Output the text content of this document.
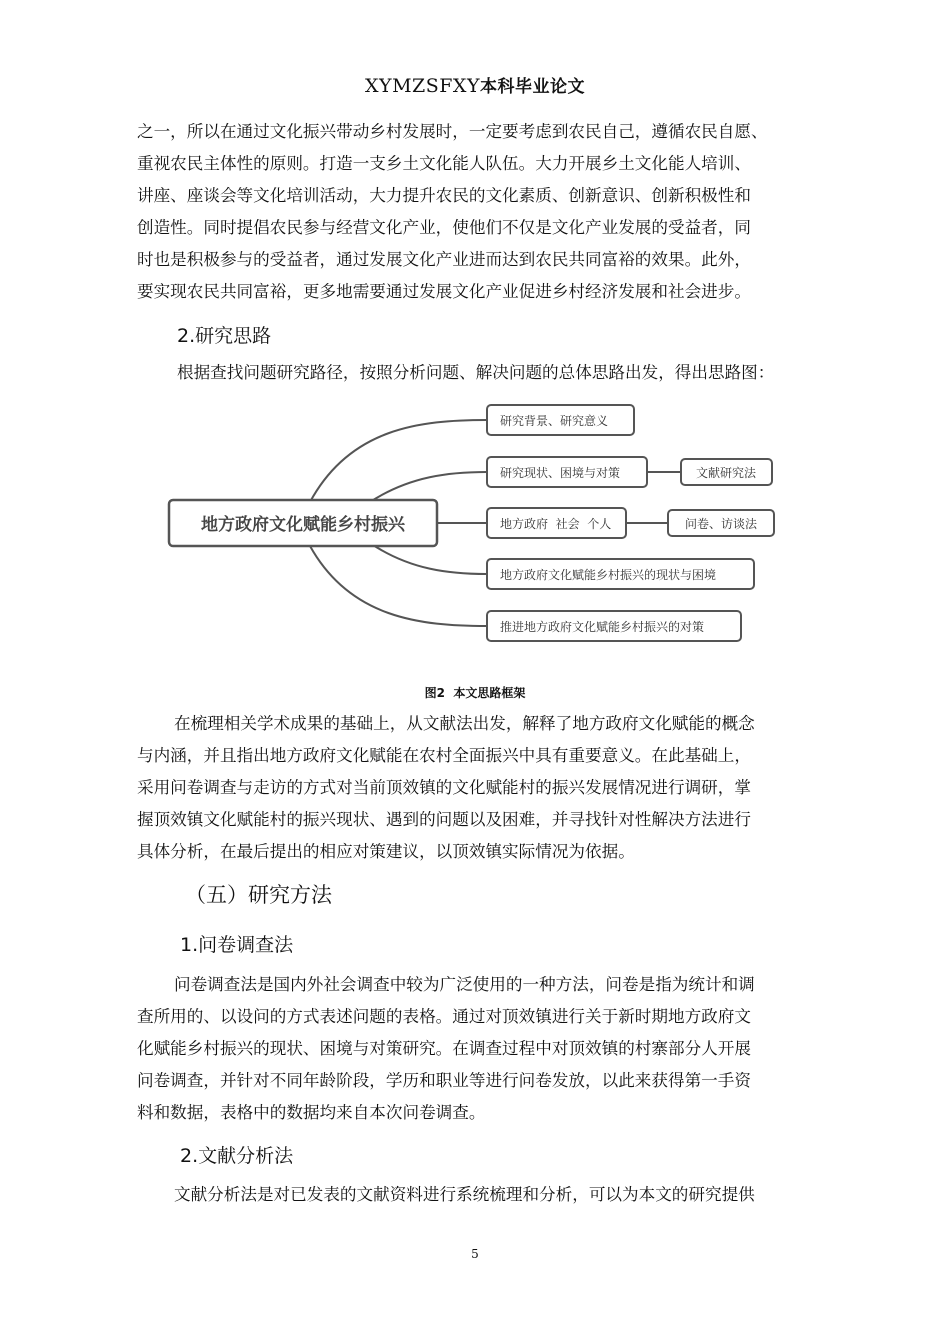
XYMZSFXY本科毕业论文

之一，所以在通过文化振兴带动乡村发展时，一定要考虑到农民自己，遵循农民自愿、
重视农民主体性的原则。打造一支乡土文化能人队伍。大力开展乡土文化能人培训、
讲座、座谈会等文化培训活动，大力提升农民的文化素质、创新意识、创新积极性和
创造性。同时提倡农民参与经营文化产业，使他们不仅是文化产业发展的受益者，同
时也是积极参与的受益者，通过发展文化产业进而达到农民共同富裕的效果。此外，
要实现农民共同富裕，更多地需要通过发展文化产业促进乡村经济发展和社会进步。

2.研究思路

根据查找问题研究路径，按照分析问题、解决问题的总体思路出发，得出思路图：

地方政府文化赋能乡村振兴
研究背景、研究意义
研究现状、困境与对策
地方政府  社会  个人
地方政府文化赋能乡村振兴的现状与困境
推进地方政府文化赋能乡村振兴的对策
文献研究法
问卷、访谈法
图2  本文思路框架

在梳理相关学术成果的基础上，从文献法出发，解释了地方政府文化赋能的概念
与内涵，并且指出地方政府文化赋能在农村全面振兴中具有重要意义。在此基础上，
采用问卷调查与走访的方式对当前顶效镇的文化赋能村的振兴发展情况进行调研，掌
握顶效镇文化赋能村的振兴现状、遇到的问题以及困难，并寻找针对性解决方法进行
具体分析，在最后提出的相应对策建议，以顶效镇实际情况为依据。

（五）研究方法
1.问卷调查法

问卷调查法是国内外社会调查中较为广泛使用的一种方法，问卷是指为统计和调
查所用的、以设问的方式表述问题的表格。通过对顶效镇进行关于新时期地方政府文
化赋能乡村振兴的现状、困境与对策研究。在调查过程中对顶效镇的村寨部分人开展
问卷调查，并针对不同年龄阶段，学历和职业等进行问卷发放，以此来获得第一手资
料和数据，表格中的数据均来自本次问卷调查。

2.文献分析法

文献分析法是对已发表的文献资料进行系统梳理和分析，可以为本文的研究提供

5
